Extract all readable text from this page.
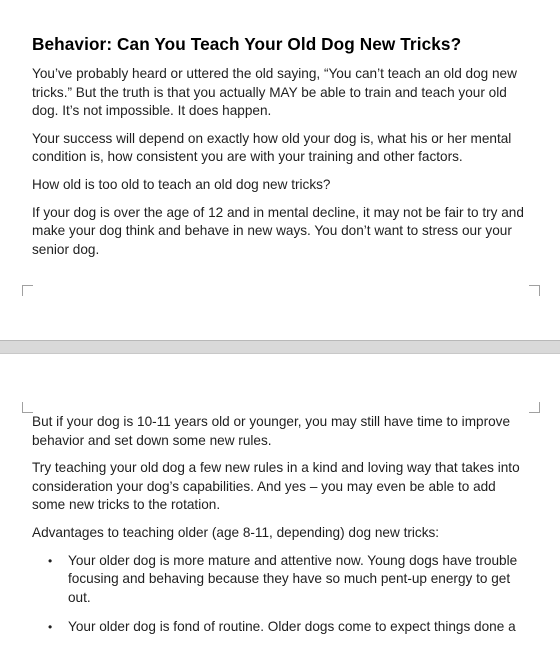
Behavior: Can You Teach Your Old Dog New Tricks?

You’ve probably heard or uttered the old saying, “You can’t teach an old dog new tricks.” But the truth is that you actually MAY be able to train and teach your old dog. It’s not impossible. It does happen.

Your success will depend on exactly how old your dog is, what his or her mental condition is, how consistent you are with your training and other factors.

How old is too old to teach an old dog new tricks?

If your dog is over the age of 12 and in mental decline, it may not be fair to try and make your dog think and behave in new ways. You don’t want to stress our your senior dog.

But if your dog is 10-11 years old or younger, you may still have time to improve behavior and set down some new rules.

Try teaching your old dog a few new rules in a kind and loving way that takes into consideration your dog’s capabilities. And yes – you may even be able to add some new tricks to the rotation.

Advantages to teaching older (age 8-11, depending) dog new tricks:

• Your older dog is more mature and attentive now. Young dogs have trouble focusing and behaving because they have so much pent-up energy to get out.
• Your older dog is fond of routine. Older dogs come to expect things done a
